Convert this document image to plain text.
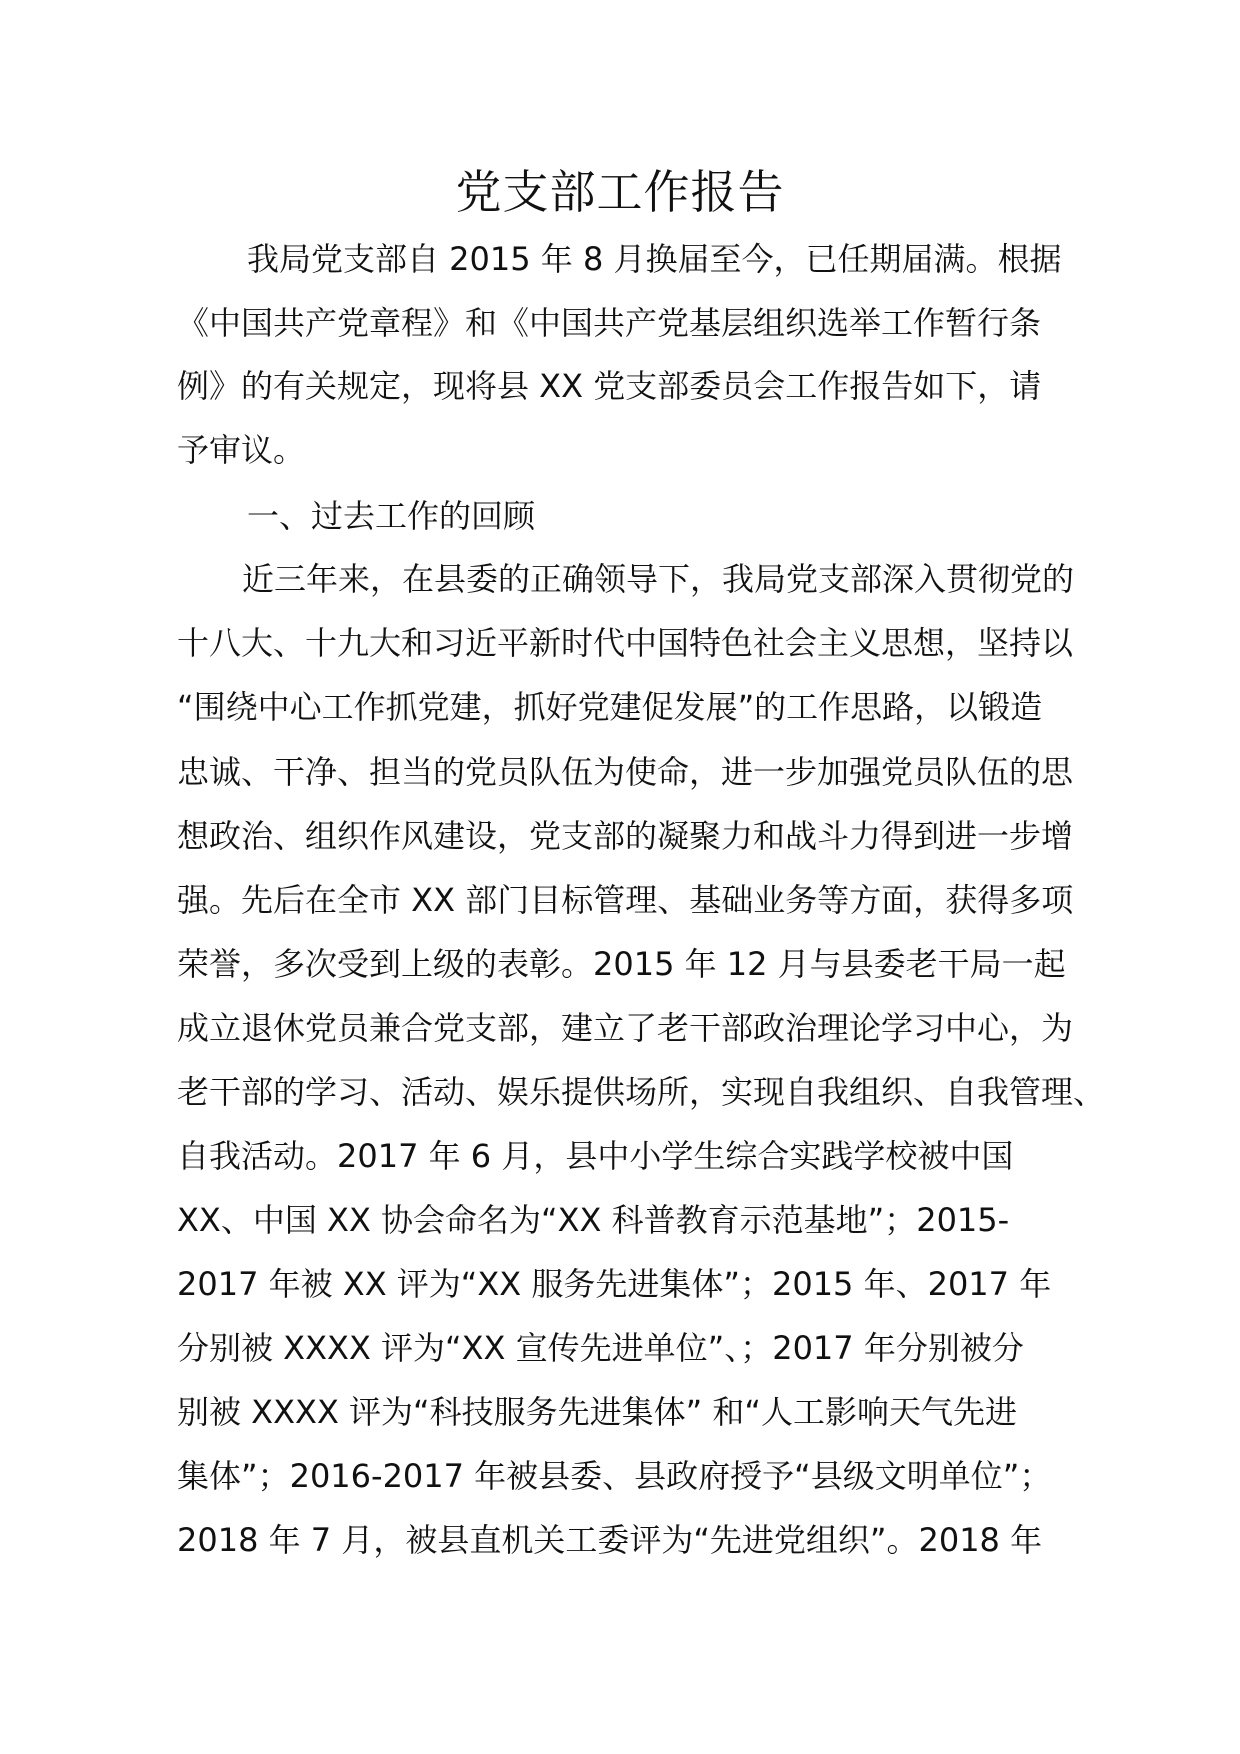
党支部工作报告
我局党支部自 2015 年 8 月换届至今，已任期届满。根据
《中国共产党章程》和《中国共产党基层组织选举工作暂行条
例》的有关规定，现将县 XX 党支部委员会工作报告如下，请
予审议。
一、过去工作的回顾
近三年来，在县委的正确领导下，我局党支部深入贯彻党的
十八大、十九大和习近平新时代中国特色社会主义思想，坚持以
“围绕中心工作抓党建，抓好党建促发展”的工作思路，以锻造
忠诚、干净、担当的党员队伍为使命，进一步加强党员队伍的思
想政治、组织作风建设，党支部的凝聚力和战斗力得到进一步增
强。先后在全市 XX 部门目标管理、基础业务等方面，获得多项
荣誉，多次受到上级的表彰。2015 年 12 月与县委老干局一起
成立退休党员兼合党支部，建立了老干部政治理论学习中心，为
老干部的学习、活动、娱乐提供场所，实现自我组织、自我管理、
自我活动。2017 年 6 月，县中小学生综合实践学校被中国
XX、中国 XX 协会命名为“XX 科普教育示范基地”；2015-
2017 年被 XX 评为“XX 服务先进集体”；2015 年、2017 年
分别被 XXXX 评为“XX 宣传先进单位”、；2017 年分别被分
别被 XXXX 评为“科技服务先进集体” 和“人工影响天气先进
集体”；2016-2017 年被县委、县政府授予“县级文明单位”；
2018 年 7 月，被县直机关工委评为“先进党组织”。2018 年
